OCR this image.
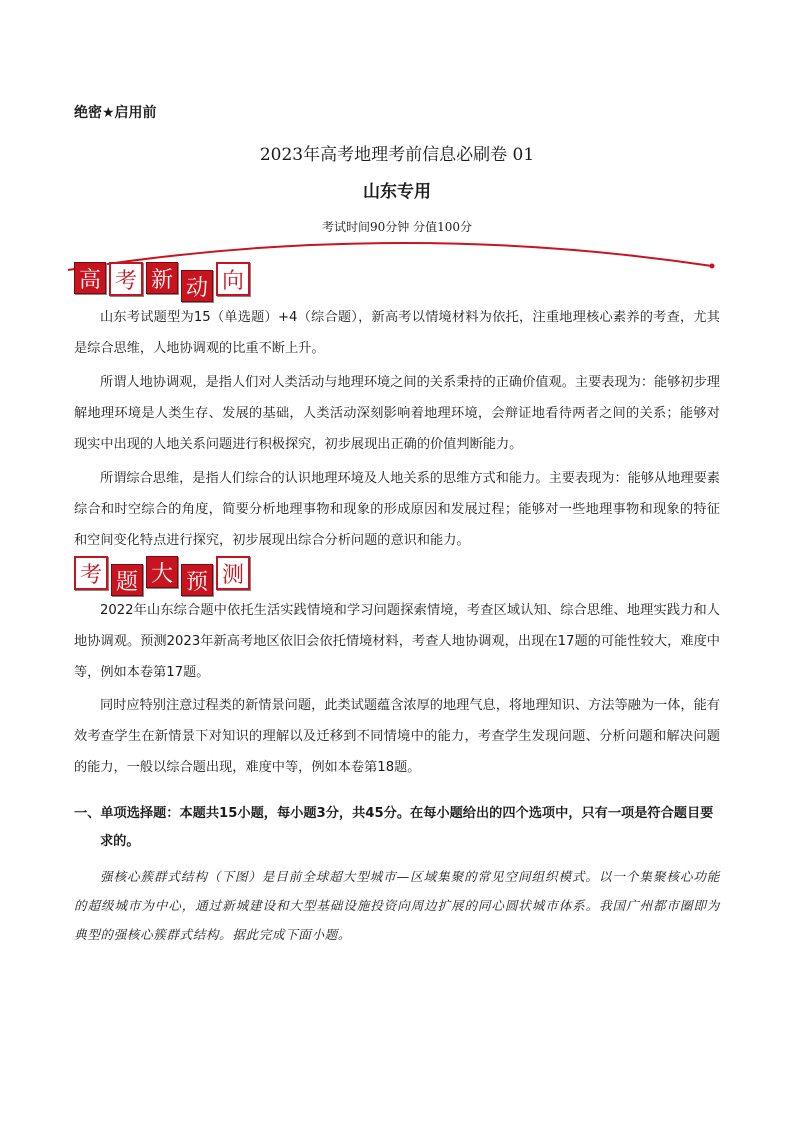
绝密★启用前
2023年高考地理考前信息必刷卷 01
山东专用
考试时间90分钟 分值100分
高 考 新 动 向
山东考试题型为15（单选题）+4（综合题），新高考以情境材料为依托，注重地理核心素养的考查，尤其是综合思维，人地协调观的比重不断上升。
所谓人地协调观，是指人们对人类活动与地理环境之间的关系秉持的正确价值观。主要表现为：能够初步理解地理环境是人类生存、发展的基础，人类活动深刻影响着地理环境，会辩证地看待两者之间的关系；能够对现实中出现的人地关系问题进行积极探究，初步展现出正确的价值判断能力。
所谓综合思维，是指人们综合的认识地理环境及人地关系的思维方式和能力。主要表现为：能够从地理要素综合和时空综合的角度，简要分析地理事物和现象的形成原因和发展过程；能够对一些地理事物和现象的特征和空间变化特点进行探究，初步展现出综合分析问题的意识和能力。
考 题 大 预 测
2022年山东综合题中依托生活实践情境和学习问题探索情境，考查区域认知、综合思维、地理实践力和人地协调观。预测2023年新高考地区依旧会依托情境材料，考查人地协调观，出现在17题的可能性较大，难度中等，例如本卷第17题。
同时应特别注意过程类的新情景问题，此类试题蕴含浓厚的地理气息，将地理知识、方法等融为一体，能有效考查学生在新情景下对知识的理解以及迁移到不同情境中的能力，考查学生发现问题、分析问题和解决问题的能力，一般以综合题出现，难度中等，例如本卷第18题。
一、单项选择题：本题共15小题，每小题3分，共45分。在每小题给出的四个选项中，只有一项是符合题目要求的。
强核心簇群式结构（下图）是目前全球超大型城市—区域集聚的常见空间组织模式。以一个集聚核心功能的超级城市为中心，通过新城建设和大型基础设施投资向周边扩展的同心圆状城市体系。我国广州都市圈即为典型的强核心簇群式结构。据此完成下面小题。
